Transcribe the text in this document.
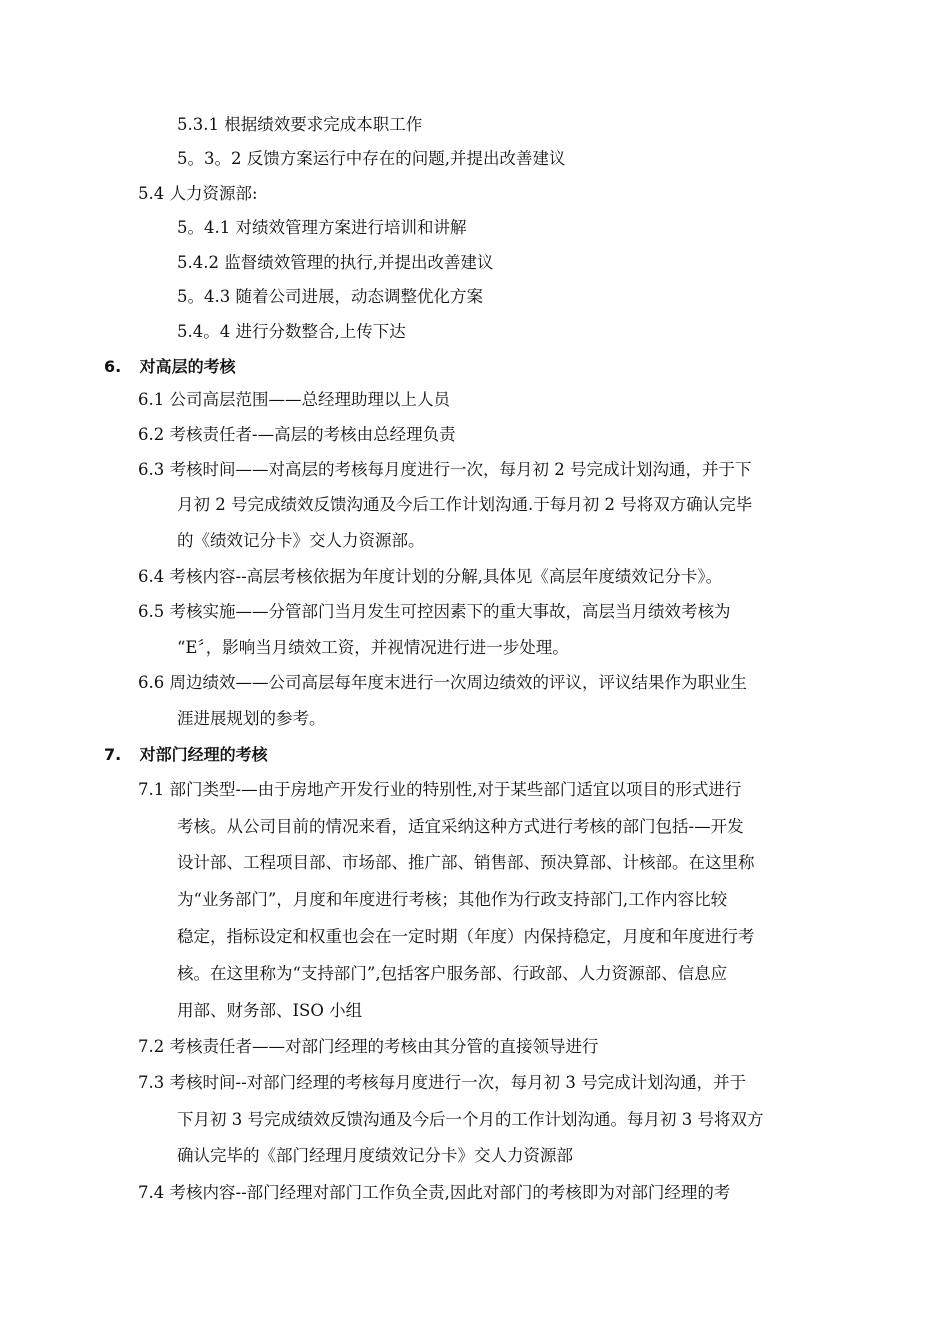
5.3.1 根据绩效要求完成本职工作
5。3。2 反馈方案运行中存在的问题,并提出改善建议
5.4 人力资源部:
5。4.1 对绩效管理方案进行培训和讲解
5.4.2 监督绩效管理的执行,并提出改善建议
5。4.3 随着公司进展，动态调整优化方案
5.4。4 进行分数整合,上传下达
6. 对高层的考核
6.1 公司高层范围——总经理助理以上人员
6.2 考核责任者-—高层的考核由总经理负责
6.3 考核时间——对高层的考核每月度进行一次，每月初 2 号完成计划沟通，并于下
月初 2 号完成绩效反馈沟通及今后工作计划沟通.于每月初 2 号将双方确认完毕
的《绩效记分卡》交人力资源部。
6.4 考核内容--高层考核依据为年度计划的分解,具体见《高层年度绩效记分卡》。
6.5 考核实施——分管部门当月发生可控因素下的重大事故，高层当月绩效考核为
“E〞，影响当月绩效工资，并视情况进行进一步处理。
6.6 周边绩效——公司高层每年度末进行一次周边绩效的评议，评议结果作为职业生
涯进展规划的参考。
7. 对部门经理的考核
7.1 部门类型-—由于房地产开发行业的特别性,对于某些部门适宜以项目的形式进行
考核。从公司目前的情况来看，适宜采纳这种方式进行考核的部门包括-—开发
设计部、工程项目部、市场部、推广部、销售部、预决算部、计核部。在这里称
为“业务部门”，月度和年度进行考核；其他作为行政支持部门,工作内容比较
稳定，指标设定和权重也会在一定时期（年度）内保持稳定，月度和年度进行考
核。在这里称为“支持部门”,包括客户服务部、行政部、人力资源部、信息应
用部、财务部、ISO 小组
7.2 考核责任者——对部门经理的考核由其分管的直接领导进行
7.3 考核时间--对部门经理的考核每月度进行一次，每月初 3 号完成计划沟通，并于
下月初 3 号完成绩效反馈沟通及今后一个月的工作计划沟通。每月初 3 号将双方
确认完毕的《部门经理月度绩效记分卡》交人力资源部
7.4 考核内容--部门经理对部门工作负全责,因此对部门的考核即为对部门经理的考
